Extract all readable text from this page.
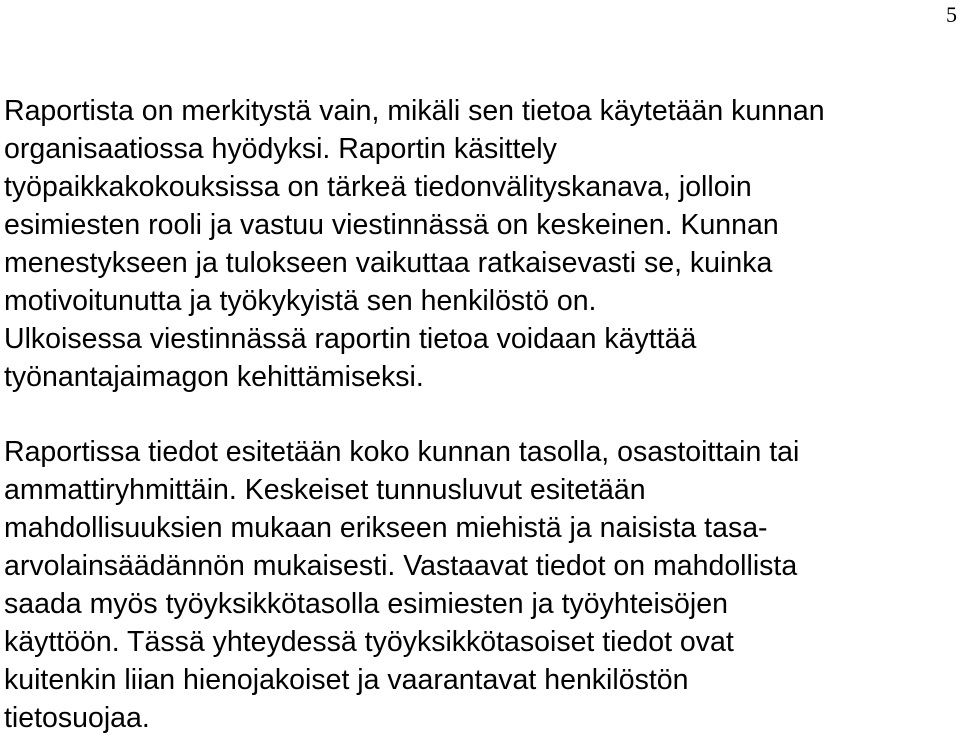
5
Raportista on merkitystä vain, mikäli sen tietoa käytetään kunnan
organisaatiossa hyödyksi. Raportin käsittely
työpaikkakokouksissa on tärkeä tiedonvälityskanava, jolloin
esimiesten rooli ja vastuu viestinnässä on keskeinen. Kunnan
menestykseen ja tulokseen vaikuttaa ratkaisevasti se, kuinka
motivoitunutta ja työkykyistä sen henkilöstö on.
Ulkoisessa viestinnässä raportin tietoa voidaan käyttää
työnantajaimagon kehittämiseksi.
Raportissa tiedot esitetään koko kunnan tasolla, osastoittain tai
ammattiryhmittäin. Keskeiset tunnusluvut esitetään
mahdollisuuksien mukaan erikseen miehistä ja naisista tasa-
arvolainsäädännön mukaisesti. Vastaavat tiedot on mahdollista
saada myös työyksikkötasolla esimiesten ja työyhteisöjen
käyttöön. Tässä yhteydessä työyksikkötasoiset tiedot ovat
kuitenkin liian hienojakoiset ja vaarantavat henkilöstön
tietosuojaa.
